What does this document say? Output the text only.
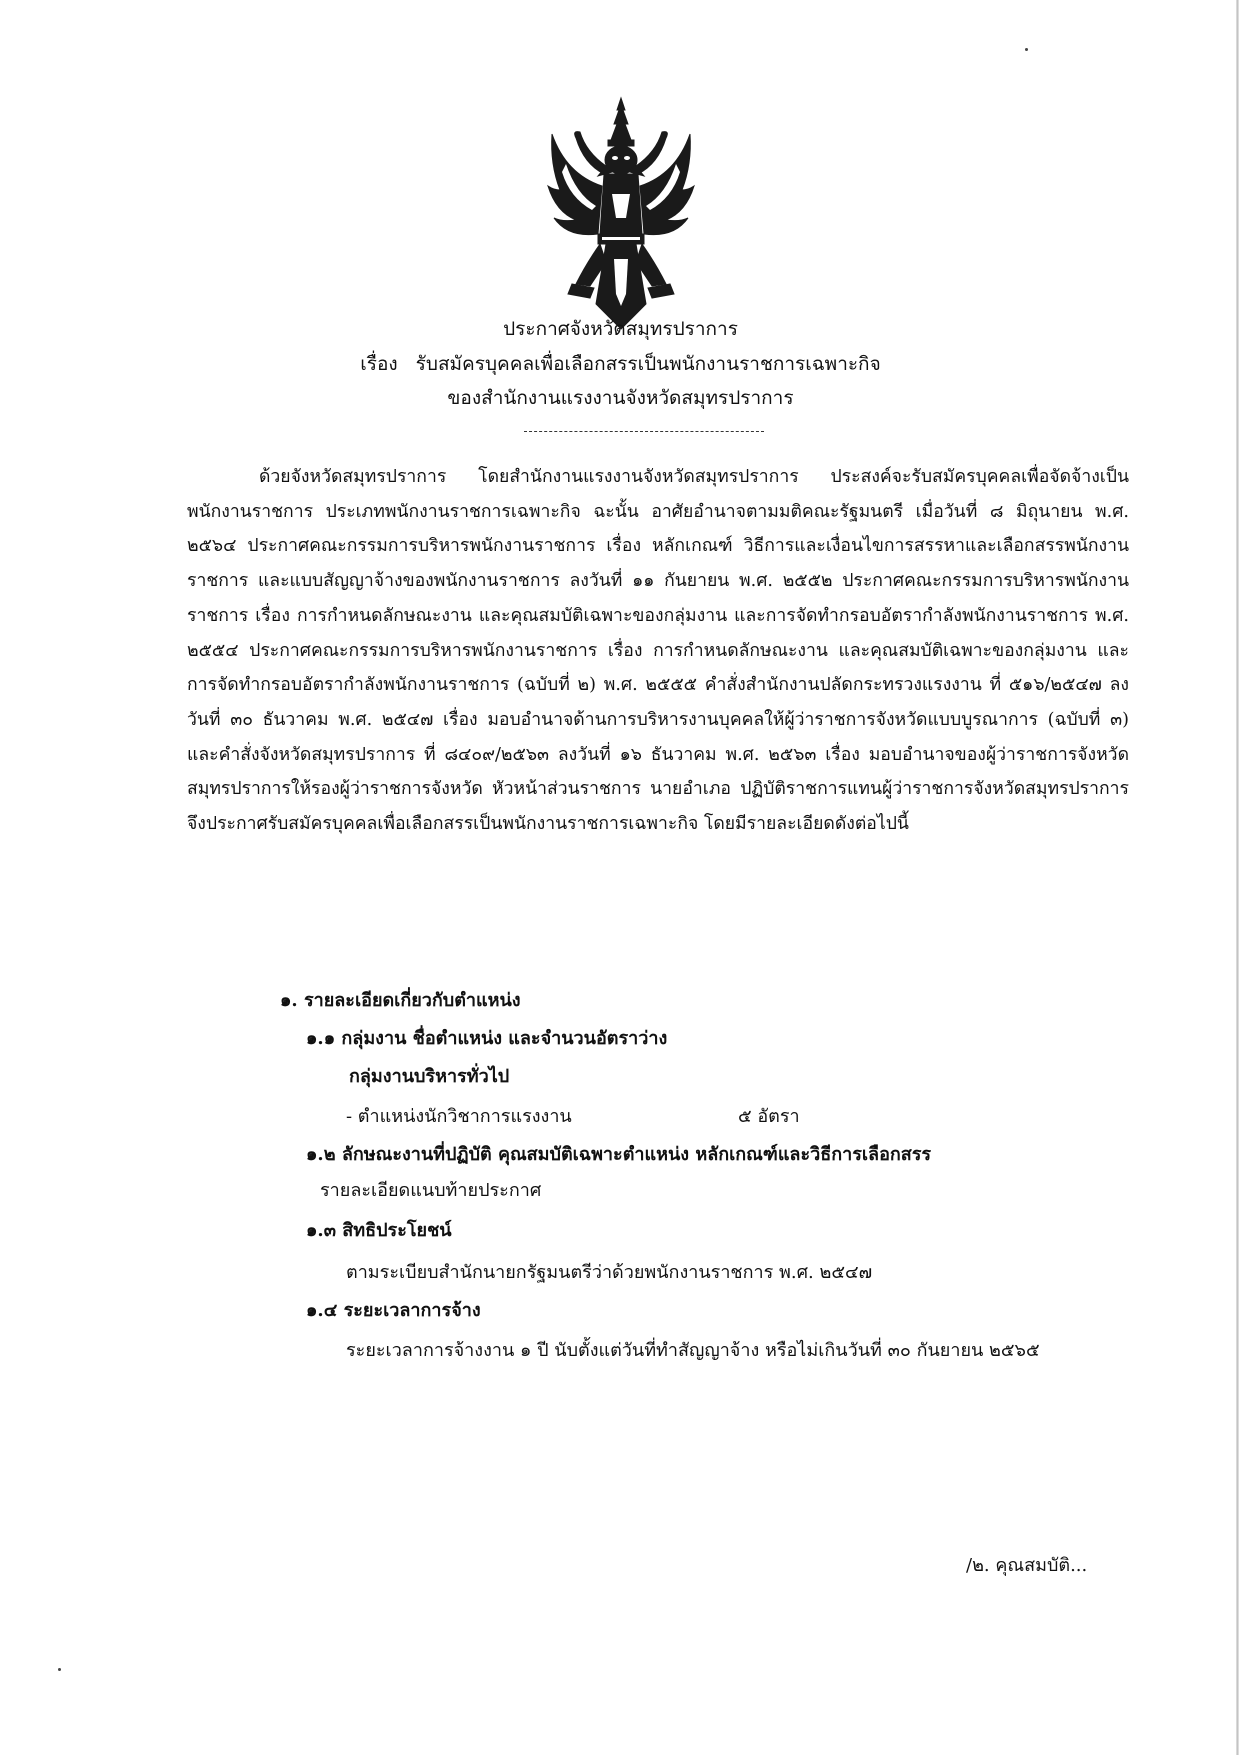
ประกาศจังหวัดสมุทรปราการ
เรื่อง รับสมัครบุคคลเพื่อเลือกสรรเป็นพนักงานราชการเฉพาะกิจ
ของสำนักงานแรงงานจังหวัดสมุทรปราการ
ด้วยจังหวัดสมุทรปราการ โดยสำนักงานแรงงานจังหวัดสมุทรปราการ ประสงค์จะรับสมัครบุคคลเพื่อจัดจ้างเป็นพนักงานราชการ ประเภทพนักงานราชการเฉพาะกิจ ฉะนั้น อาศัยอำนาจตามมติคณะรัฐมนตรี เมื่อวันที่ ๘ มิถุนายน พ.ศ. ๒๕๖๔ ประกาศคณะกรรมการบริหารพนักงานราชการ เรื่อง หลักเกณฑ์ วิธีการและเงื่อนไขการสรรหาและเลือกสรรพนักงานราชการ และแบบสัญญาจ้างของพนักงานราชการ ลงวันที่ ๑๑ กันยายน พ.ศ. ๒๕๕๒ ประกาศคณะกรรมการบริหารพนักงานราชการ เรื่อง การกำหนดลักษณะงาน และคุณสมบัติเฉพาะของกลุ่มงาน และการจัดทำกรอบอัตรากำลังพนักงานราชการ พ.ศ. ๒๕๕๔ ประกาศคณะกรรมการบริหารพนักงานราชการ เรื่อง การกำหนดลักษณะงาน และคุณสมบัติเฉพาะของกลุ่มงาน และ การจัดทำกรอบอัตรากำลังพนักงานราชการ (ฉบับที่ ๒) พ.ศ. ๒๕๕๕ คำสั่งสำนักงานปลัดกระทรวงแรงงาน ที่ ๕๑๖/๒๕๔๗ ลงวันที่ ๓๐ ธันวาคม พ.ศ. ๒๕๔๗ เรื่อง มอบอำนาจด้านการบริหารงานบุคคลให้ผู้ว่าราชการจังหวัดแบบบูรณาการ (ฉบับที่ ๓) และคำสั่งจังหวัดสมุทรปราการ ที่ ๘๔๐๙/๒๕๖๓ ลงวันที่ ๑๖ ธันวาคม พ.ศ. ๒๕๖๓ เรื่อง มอบอำนาจของผู้ว่าราชการจังหวัดสมุทรปราการให้รองผู้ว่าราชการจังหวัด หัวหน้าส่วนราชการ นายอำเภอ ปฏิบัติราชการแทนผู้ว่าราชการจังหวัดสมุทรปราการ จึงประกาศรับสมัครบุคคลเพื่อเลือกสรรเป็นพนักงานราชการเฉพาะกิจ โดยมีรายละเอียดดังต่อไปนี้
๑. รายละเอียดเกี่ยวกับตำแหน่ง
๑.๑ กลุ่มงาน ชื่อตำแหน่ง และจำนวนอัตราว่าง
กลุ่มงานบริหารทั่วไป
- ตำแหน่งนักวิชาการแรงงาน	๕ อัตรา
๑.๒ ลักษณะงานที่ปฏิบัติ คุณสมบัติเฉพาะตำแหน่ง หลักเกณฑ์และวิธีการเลือกสรร
รายละเอียดแนบท้ายประกาศ
๑.๓ สิทธิประโยชน์
ตามระเบียบสำนักนายกรัฐมนตรีว่าด้วยพนักงานราชการ พ.ศ. ๒๕๔๗
๑.๔ ระยะเวลาการจ้าง
ระยะเวลาการจ้างงาน ๑ ปี นับตั้งแต่วันที่ทำสัญญาจ้าง หรือไม่เกินวันที่ ๓๐ กันยายน ๒๕๖๕
/๒. คุณสมบัติ...
